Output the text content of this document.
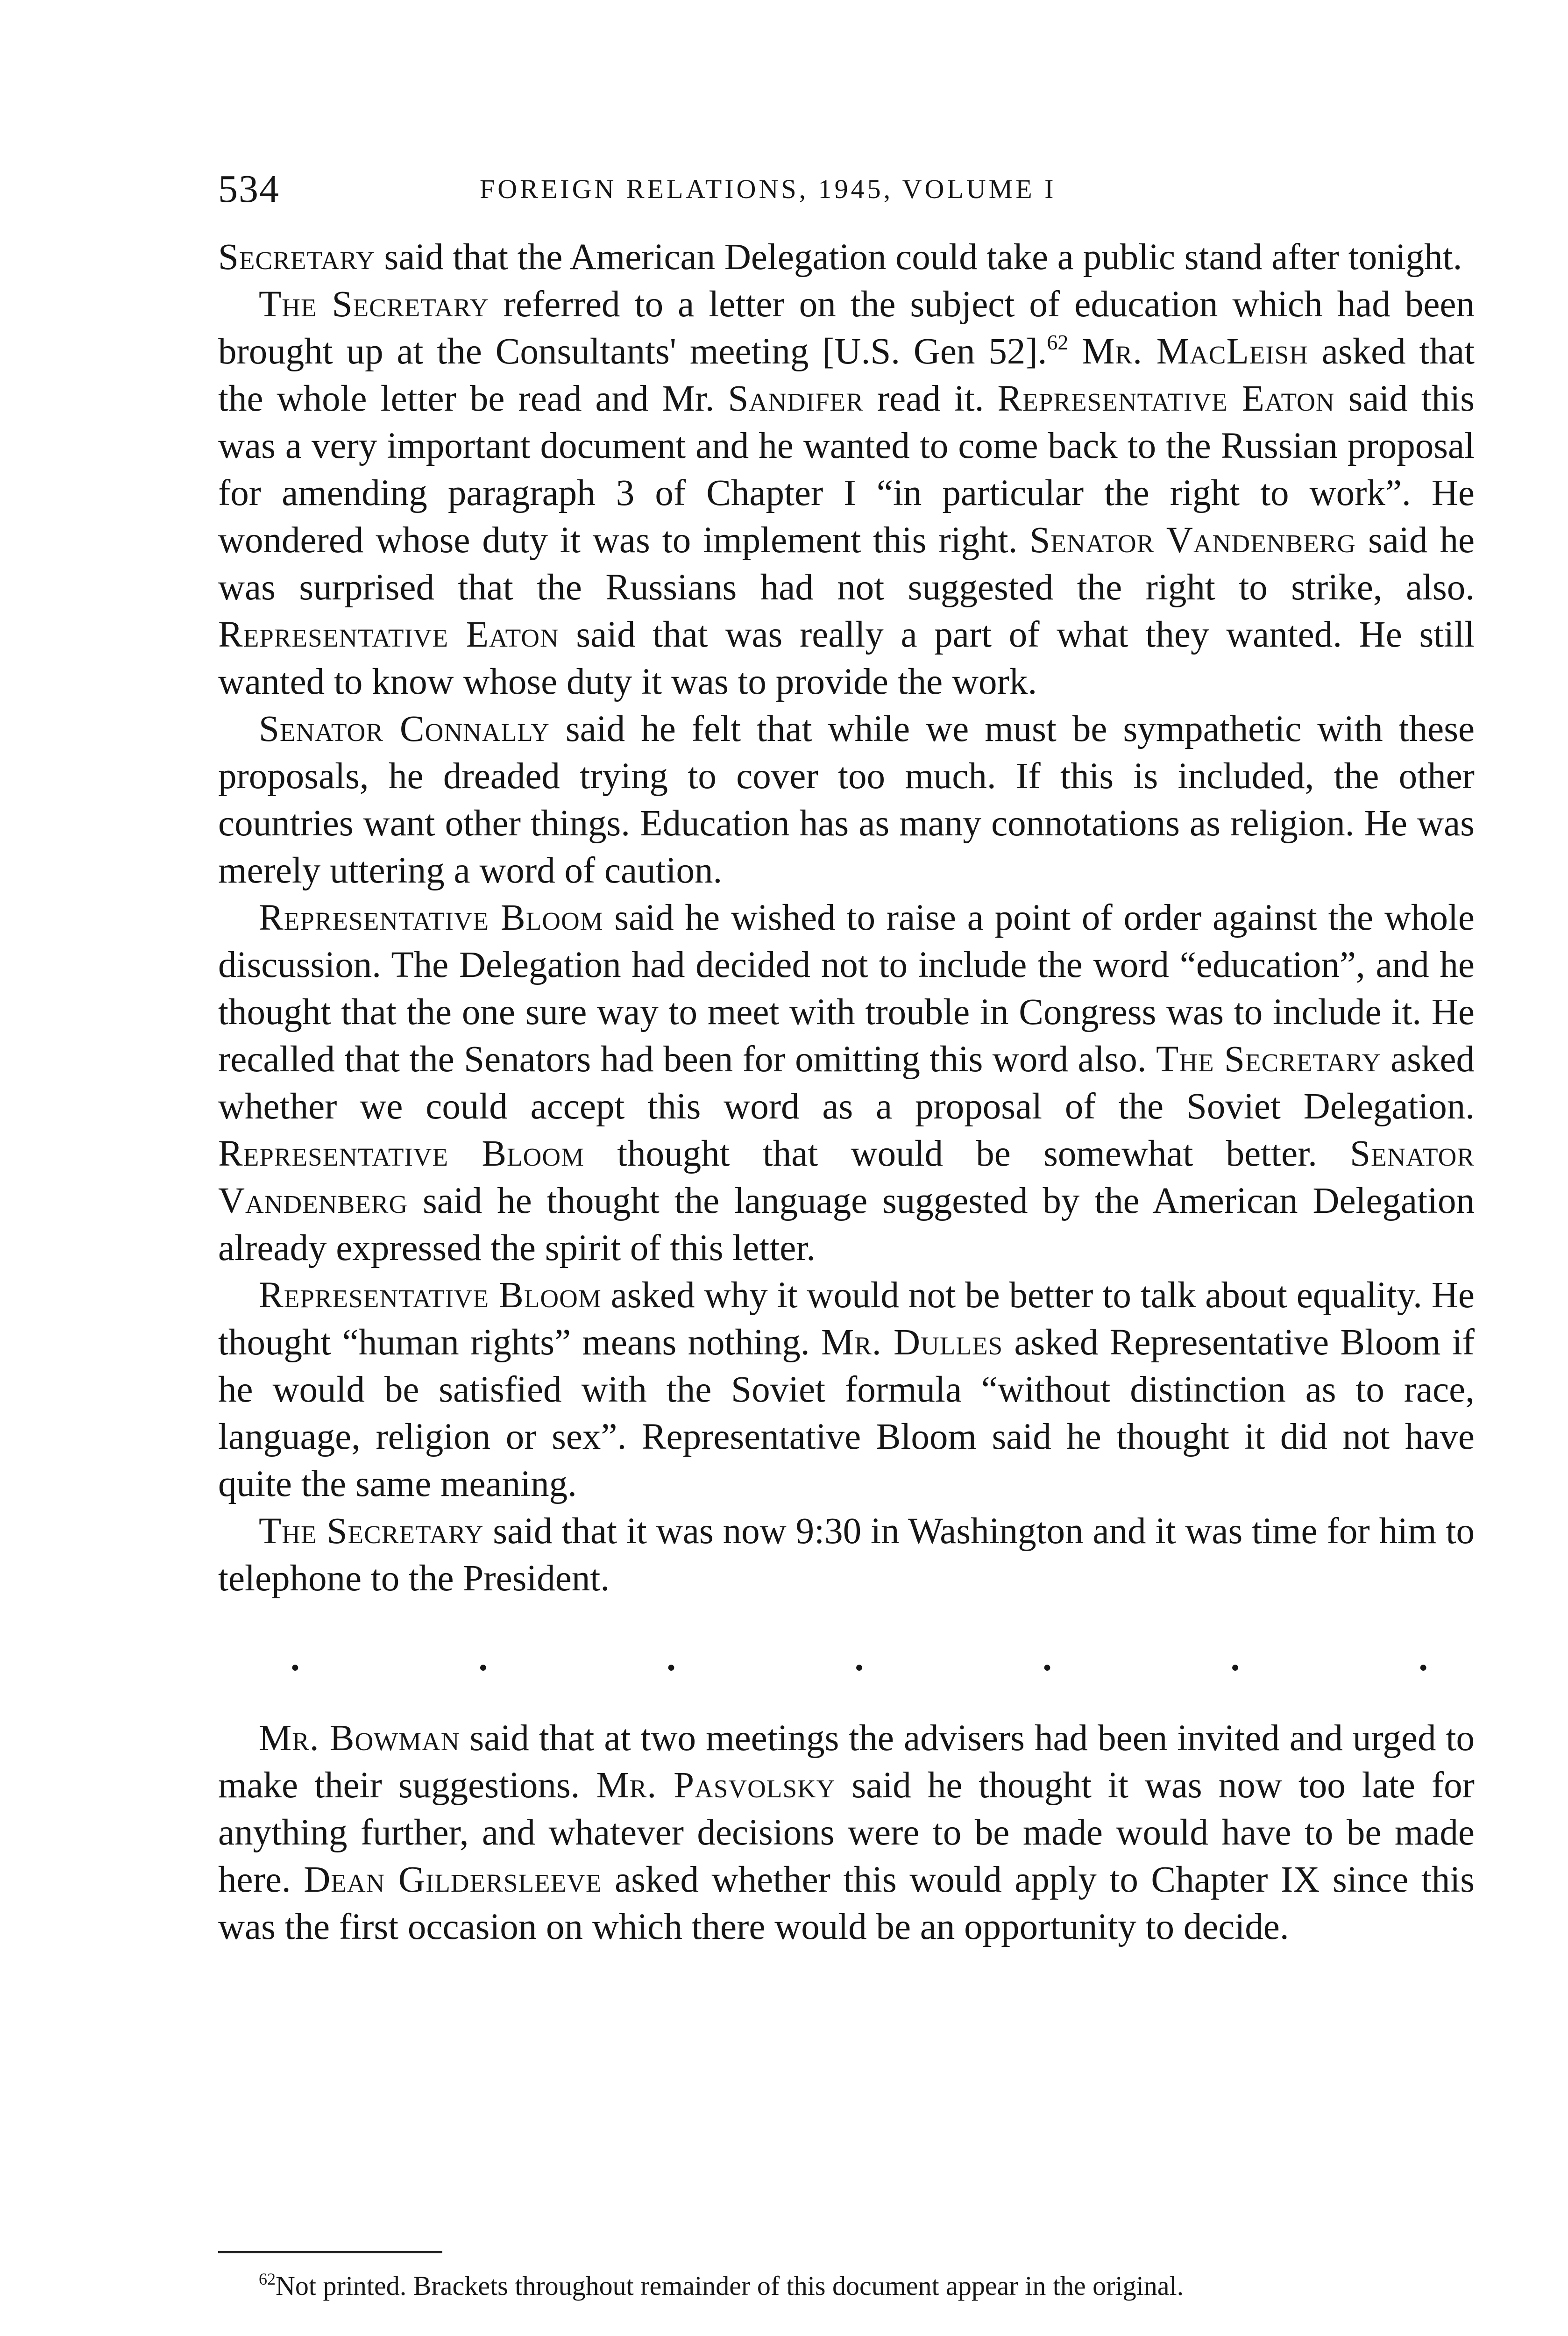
534	FOREIGN RELATIONS, 1945, VOLUME I

Secretary said that the American Delegation could take a public stand after tonight.

The Secretary referred to a letter on the subject of education which had been brought up at the Consultants' meeting [U.S. Gen 52].$^{62}$ Mr. MacLeish asked that the whole letter be read and Mr. Sandifer read it. Representative Eaton said this was a very important document and he wanted to come back to the Russian proposal for amending paragraph 3 of Chapter I “in particular the right to work”. He wondered whose duty it was to implement this right. Senator Vandenberg said he was surprised that the Russians had not suggested the right to strike, also. Representative Eaton said that was really a part of what they wanted. He still wanted to know whose duty it was to provide the work.

Senator Connally said he felt that while we must be sympathetic with these proposals, he dreaded trying to cover too much. If this is included, the other countries want other things. Education has as many connotations as religion. He was merely uttering a word of caution.

Representative Bloom said he wished to raise a point of order against the whole discussion. The Delegation had decided not to include the word “education”, and he thought that the one sure way to meet with trouble in Congress was to include it. He recalled that the Senators had been for omitting this word also. The Secretary asked whether we could accept this word as a proposal of the Soviet Delegation. Representative Bloom thought that would be somewhat better. Senator Vandenberg said he thought the language suggested by the American Delegation already expressed the spirit of this letter.

Representative Bloom asked why it would not be better to talk about equality. He thought “human rights” means nothing. Mr. Dulles asked Representative Bloom if he would be satisfied with the Soviet formula “without distinction as to race, language, religion or sex”. Representative Bloom said he thought it did not have quite the same meaning.

The Secretary said that it was now 9:30 in Washington and it was time for him to telephone to the President.

.	.	.	.	.	.	.

Mr. Bowman said that at two meetings the advisers had been invited and urged to make their suggestions. Mr. Pasvolsky said he thought it was now too late for anything further, and whatever decisions were to be made would have to be made here. Dean Gildersleeve asked whether this would apply to Chapter IX since this was the first occasion on which there would be an opportunity to decide.

$^{62}$Not printed. Brackets throughout remainder of this document appear in the original.
